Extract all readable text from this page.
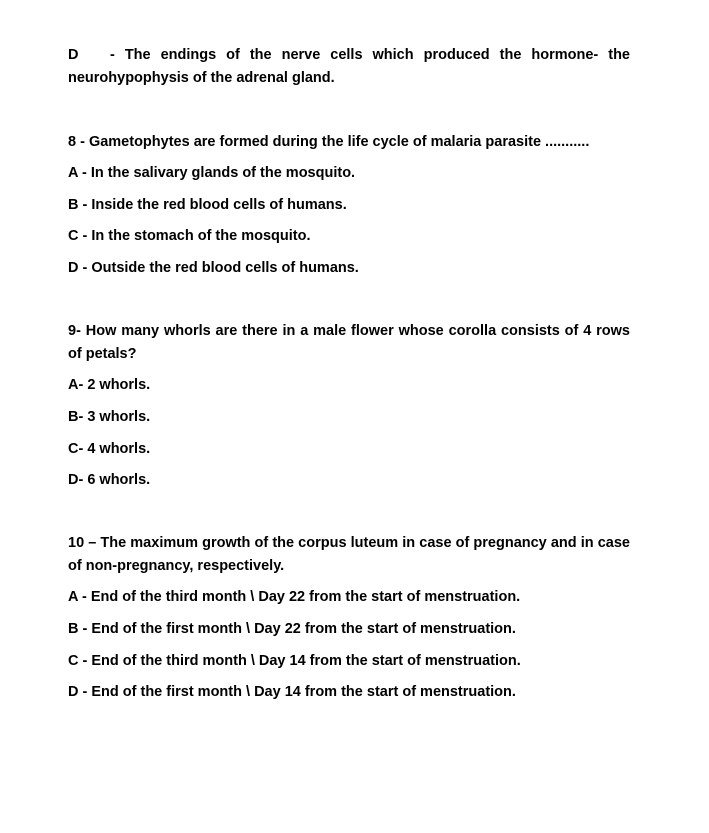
D - The endings of the nerve cells which produced the hormone- the neurohypophysis of the adrenal gland.
8 - Gametophytes are formed during the life cycle of malaria parasite ...........
A - In the salivary glands of the mosquito.
B - Inside the red blood cells of humans.
C - In the stomach of the mosquito.
D - Outside the red blood cells of humans.
9- How many whorls are there in a male flower whose corolla consists of 4 rows of petals?
A- 2 whorls.
B- 3 whorls.
C- 4 whorls.
D- 6 whorls.
10 – The maximum growth of the corpus luteum in case of pregnancy and in case of non-pregnancy, respectively.
A - End of the third month \ Day 22 from the start of menstruation.
B - End of the first month \ Day 22 from the start of menstruation.
C - End of the third month \ Day 14 from the start of menstruation.
D - End of the first month \ Day 14 from the start of menstruation.
